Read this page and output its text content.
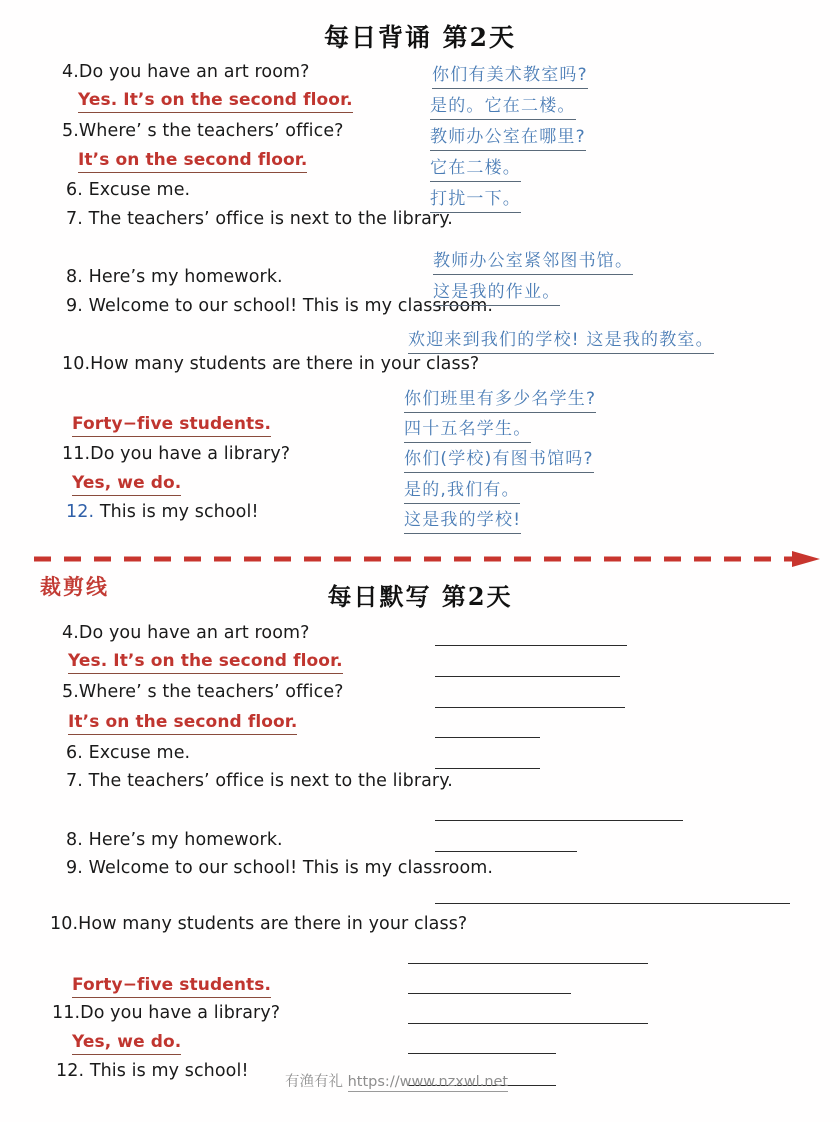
每日背诵 第2天
4.Do you have an art room?
Yes. It’s on the second floor.
5.Where’ s the teachers’ office?
It’s on the second floor.
6. Excuse me.
7. The teachers’ office is next to the library.
8. Here’s my homework.
9. Welcome to our school! This is my classroom.
10.How many students are there in your class?
Forty−five students.
11.Do you have a library?
Yes, we do.
12. This is my school!
你们有美术教室吗?
是的。它在二楼。
教师办公室在哪里?
它在二楼。
打扰一下。
教师办公室紧邻图书馆。
这是我的作业。
欢迎来到我们的学校! 这是我的教室。
你们班里有多少名学生?
四十五名学生。
你们(学校)有图书馆吗?
是的,我们有。
这是我的学校!
裁剪线	每日默写 第2天
4.Do you have an art room?
Yes. It’s on the second floor.
5.Where’ s the teachers’ office?
It’s on the second floor.
6. Excuse me.
7. The teachers’ office is next to the library.
8. Here’s my homework.
9. Welcome to our school! This is my classroom.
10.How many students are there in your class?
Forty−five students.
11.Do you have a library?
Yes, we do.
12. This is my school!
有渔有礼 https://www.nzxwl.net
